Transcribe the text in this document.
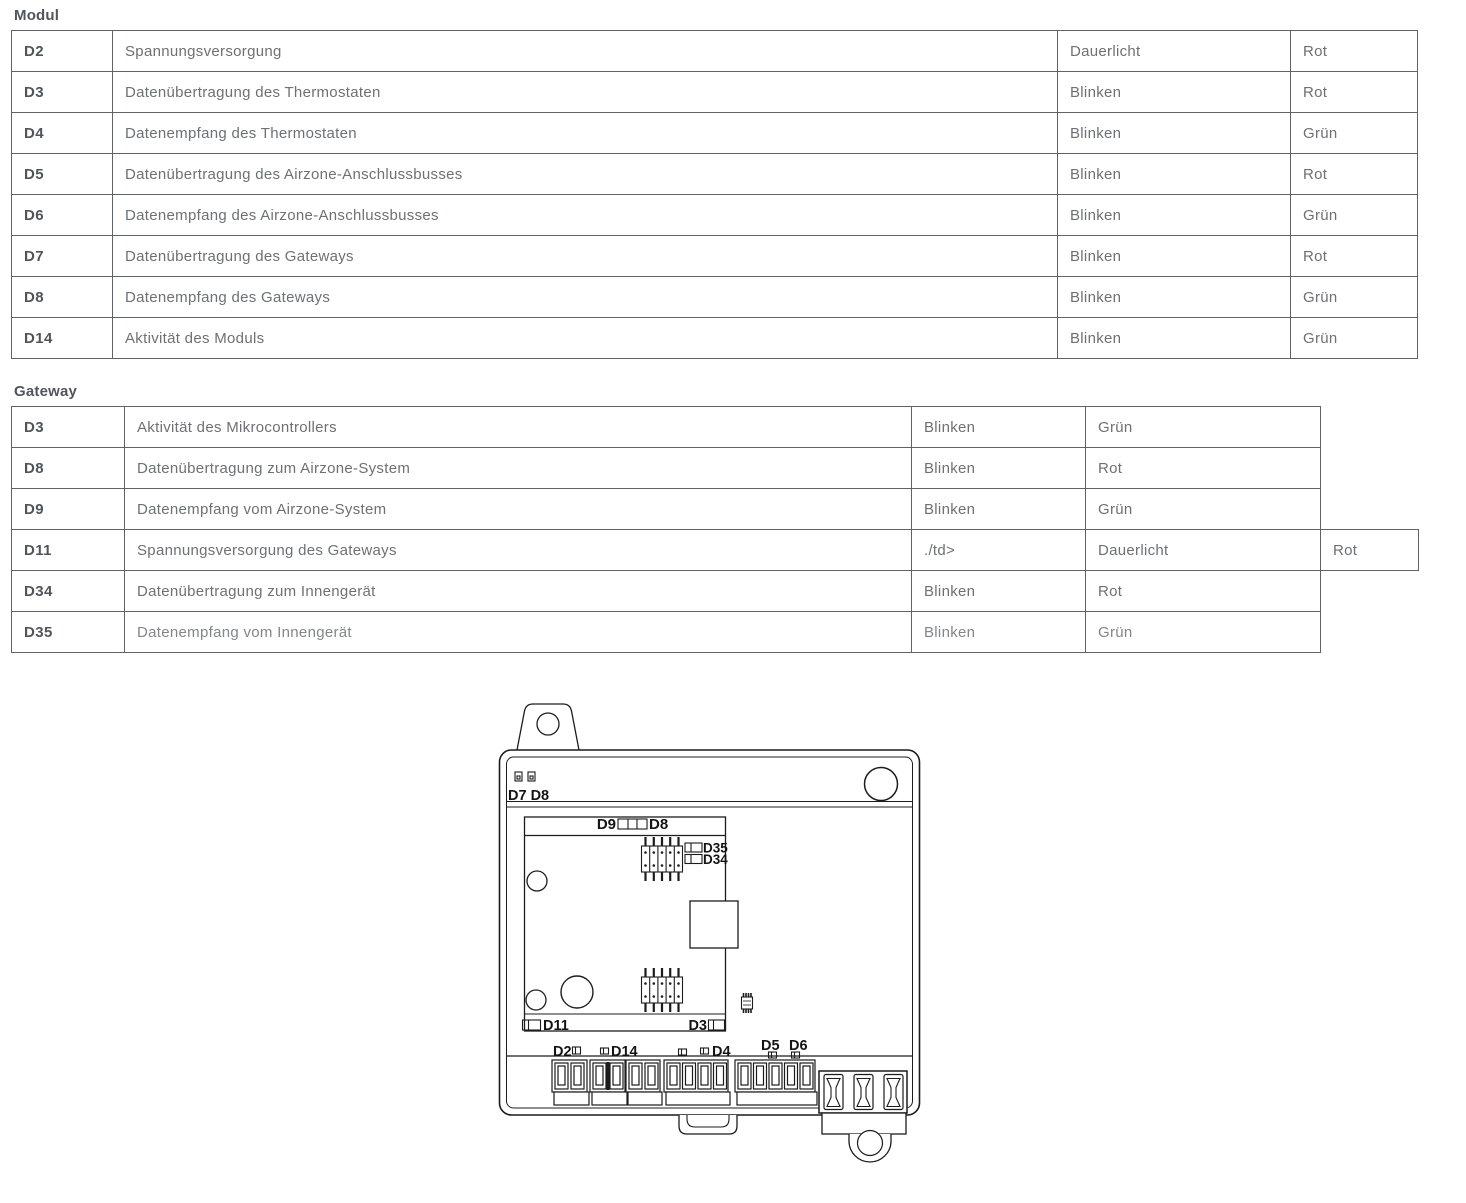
Modul
D2	Spannungsversorgung	Dauerlicht	Rot
D3	Datenübertragung des Thermostaten	Blinken	Rot
D4	Datenempfang des Thermostaten	Blinken	Grün
D5	Datenübertragung des Airzone-Anschlussbusses	Blinken	Rot
D6	Datenempfang des Airzone-Anschlussbusses	Blinken	Grün
D7	Datenübertragung des Gateways	Blinken	Rot
D8	Datenempfang des Gateways	Blinken	Grün
D14	Aktivität des Moduls	Blinken	Grün
Gateway
D3	Aktivität des Mikrocontrollers	Blinken	Grün	
D8	Datenübertragung zum Airzone-System	Blinken	Rot	
D9	Datenempfang vom Airzone-System	Blinken	Grün	
D11	Spannungsversorgung des Gateways	./td>	Dauerlicht	Rot
D34	Datenübertragung zum Innengerät	Blinken	Rot	
D35	Datenempfang vom Innengerät	Blinken	Grün	
D7 D8
D9 D8
D35
D34
D11	D3
D2	D14	D4 D5 D6
A
A
